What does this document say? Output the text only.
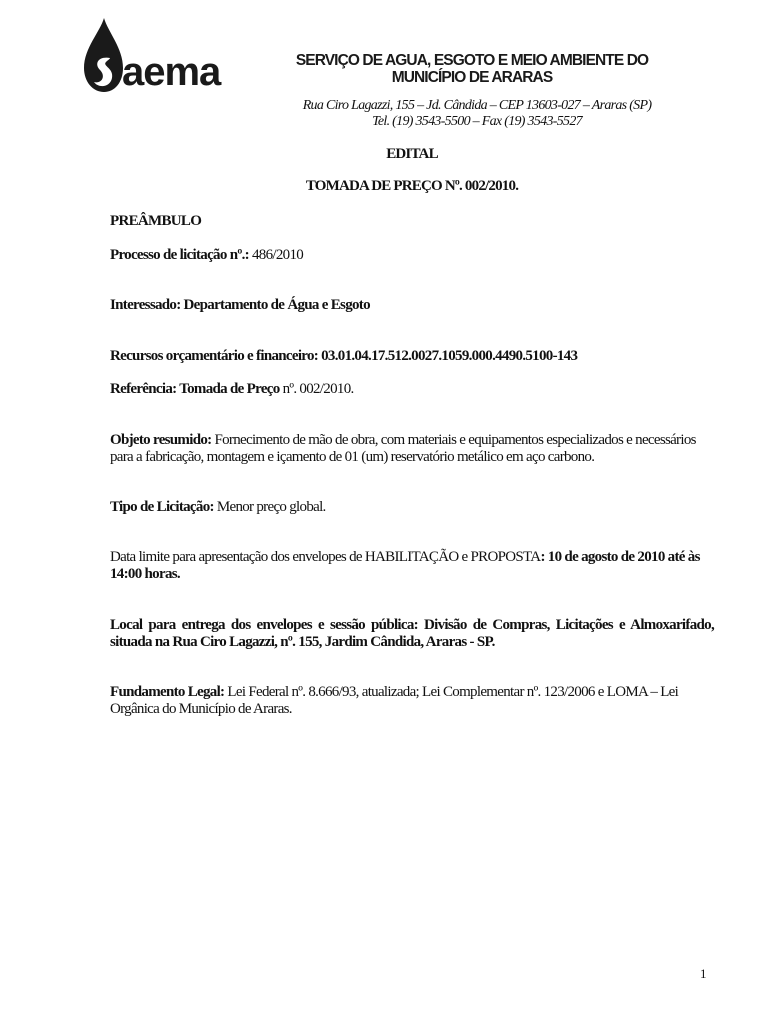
aema	SERVIÇO DE AGUA, ESGOTO E MEIO AMBIENTE DO
MUNICÍPIO DE ARARAS
Rua Ciro Lagazzi, 155 – Jd. Cândida – CEP 13603-027 – Araras (SP)
Tel. (19) 3543-5500 – Fax (19) 3543-5527
EDITAL
TOMADA DE PREÇO Nº. 002/2010.
PREÂMBULO
Processo de licitação nº.: 486/2010
Interessado: Departamento de Água e Esgoto
Recursos orçamentário e financeiro: 03.01.04.17.512.0027.1059.000.4490.5100-143
Referência: Tomada de Preço nº. 002/2010.
Objeto resumido: Fornecimento de mão de obra, com materiais e equipamentos especializados e necessários para a fabricação, montagem e içamento de 01 (um) reservatório metálico em aço carbono.
Tipo de Licitação: Menor preço global.
Data limite para apresentação dos envelopes de HABILITAÇÃO e PROPOSTA: 10 de agosto de 2010 até às 14:00 horas.
Local para entrega dos envelopes e sessão pública: Divisão de Compras, Licitações e Almoxarifado, situada na Rua Ciro Lagazzi, nº. 155, Jardim Cândida, Araras - SP.
Fundamento Legal: Lei Federal nº. 8.666/93, atualizada; Lei Complementar nº. 123/2006 e LOMA – Lei Orgânica do Município de Araras.
1
